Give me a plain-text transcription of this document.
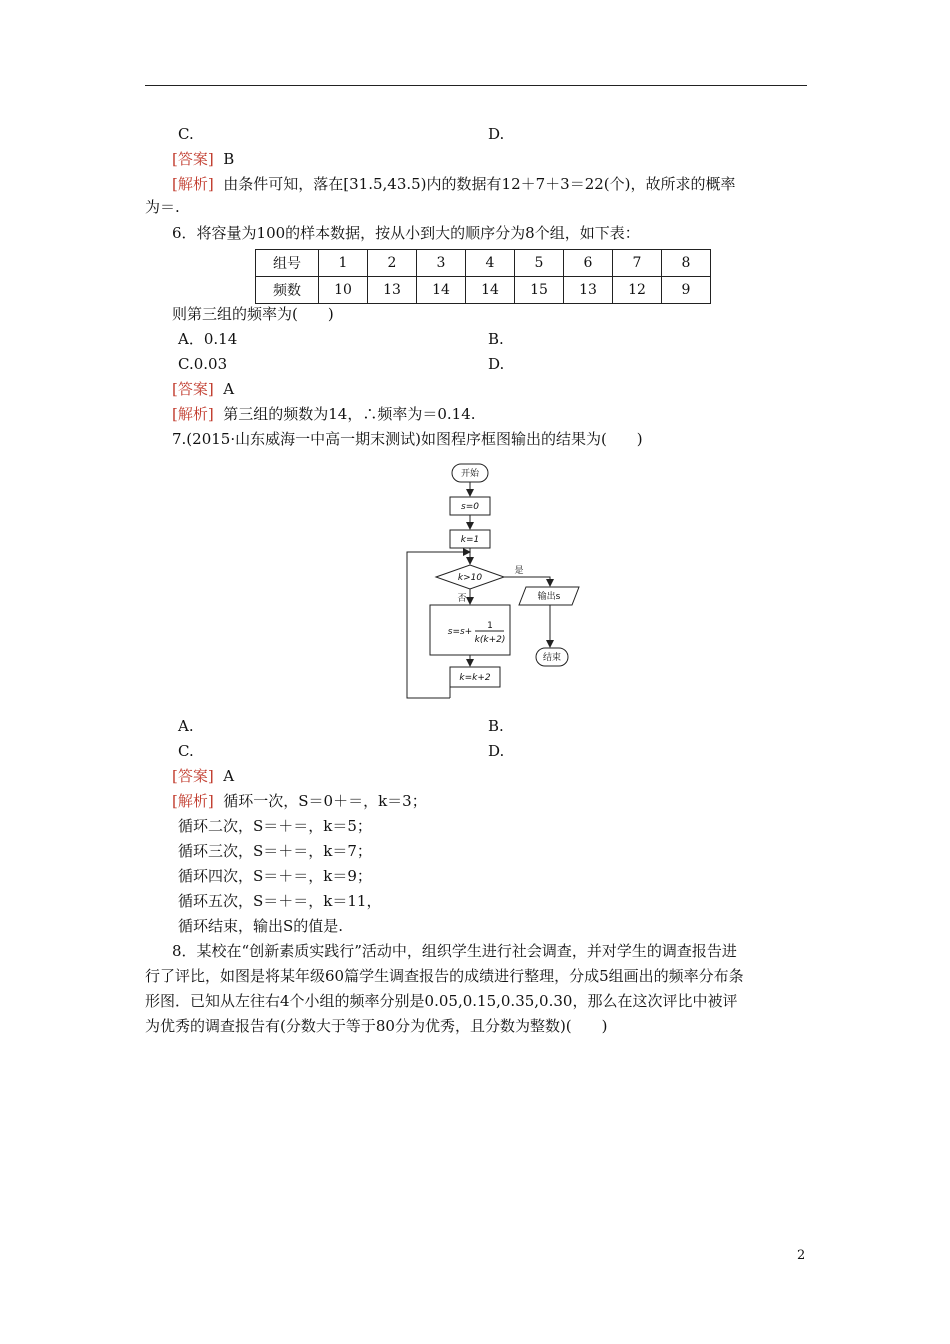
C.	D.
[答案] B
[解析] 由条件可知，落在[31.5,43.5)内的数据有12＋7＋3＝22(个)，故所求的概率
为＝.
6．将容量为100的样本数据，按从小到大的顺序分为8个组，如下表：
组号	1	2	3	4	5	6	7	8
频数	10	13	14	14	15	13	12	9
则第三组的频率为(　　)
A．0.14	B.
C.0.03	D.
[答案] A
[解析] 第三组的频数为14，∴频率为＝0.14.
7.(2015·山东威海一中高一期末测试)如图程序框图输出的结果为(　　)
开始
s=0
k=1
k>10
是
否	输出s
结束
s=s+
1
k(k+2)
k=k+2
A.	B.
C.	D.
[答案] A
[解析] 循环一次，S＝0＋＝，k＝3；
循环二次，S＝＋＝，k＝5；
循环三次，S＝＋＝，k＝7；
循环四次，S＝＋＝，k＝9；
循环五次，S＝＋＝，k＝11，
循环结束，输出S的值是.
8．某校在“创新素质实践行”活动中，组织学生进行社会调查，并对学生的调查报告进
行了评比，如图是将某年级60篇学生调查报告的成绩进行整理，分成5组画出的频率分布条
形图．已知从左往右4个小组的频率分别是0.05,0.15,0.35,0.30，那么在这次评比中被评
为优秀的调查报告有(分数大于等于80分为优秀，且分数为整数)(　　)
2
